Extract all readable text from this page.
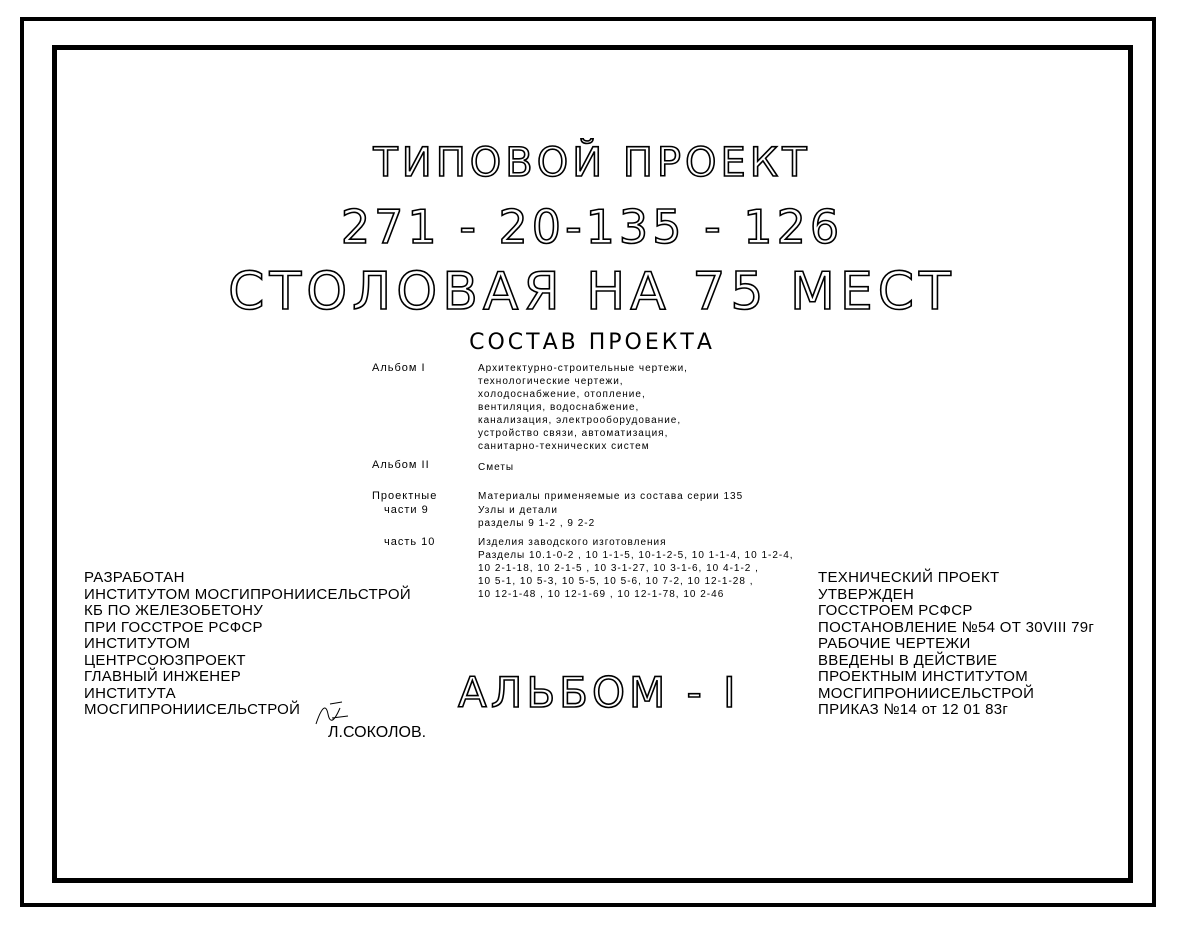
ТИПОВОЙ ПРОЕКТ
271 - 20-135 - 126
СТОЛОВАЯ НА 75 МЕСТ
СОСТАВ ПРОЕКТА
Альбом I	Архитектурно-строительные чертежи,
технологические чертежи,
холодоснабжение, отопление,
вентиляция, водоснабжение,
канализация, электрооборудование,
устройство связи, автоматизация,
санитарно-технических систем
Альбом II	Сметы
Проектные	Материалы применяемые из состава серии 135
части 9	Узлы и детали
разделы 9 1-2 , 9 2-2
часть 10	Изделия заводского изготовления
Разделы 10.1-0-2 , 10 1-1-5, 10-1-2-5, 10 1-1-4, 10 1-2-4,
10 2-1-18, 10 2-1-5 , 10 3-1-27, 10 3-1-6, 10 4-1-2 ,
10 5-1, 10 5-3, 10 5-5, 10 5-6, 10 7-2, 10 12-1-28 ,
10 12-1-48 , 10 12-1-69 , 10 12-1-78, 10 2-46
РАЗРАБОТАН
ИНСТИТУТОМ МОСГИПРОНИИСЕЛЬСТРОЙ
КБ ПО ЖЕЛЕЗОБЕТОНУ
ПРИ ГОССТРОЕ РСФСР
ИНСТИТУТОМ
ЦЕНТРСОЮЗПРОЕКТ
ГЛАВНЫЙ ИНЖЕНЕР
ИНСТИТУТА
МОСГИПРОНИИСЕЛЬСТРОЙ
Л.СОКОЛОВ.
АЛЬБОМ - I
ТЕХНИЧЕСКИЙ ПРОЕКТ
УТВЕРЖДЕН
ГОССТРОЕМ РСФСР
ПОСТАНОВЛЕНИЕ №54 ОТ 30VIII 79г
РАБОЧИЕ ЧЕРТЕЖИ
ВВЕДЕНЫ В ДЕЙСТВИЕ
ПРОЕКТНЫМ ИНСТИТУТОМ
МОСГИПРОНИИСЕЛЬСТРОЙ
ПРИКАЗ №14 от 12 01 83г
